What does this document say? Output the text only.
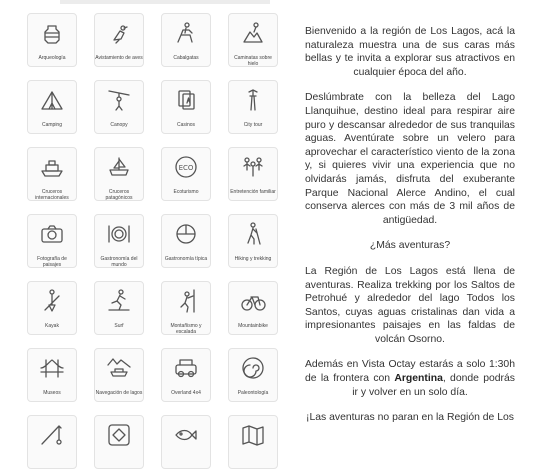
Arqueología	Avistamiento de aves	Cabalgatas	Caminatas sobre hielo
Camping	Canopy	Casinos	City tour
Cruceros internacionales
Cruceros patagónicos
ECO
Ecoturismo	Entretención familiar
Fotografía de paisajes
Gastronomía del mundo
Gastronomía típica	Hiking y trekking
Kayak	Surf	Montañismo y escalada
Mountainbike
Museos	Navegación de lagos	Overland 4x4	Paleontología

Bienvenido a la región de Los Lagos, acá la naturaleza muestra una de sus caras más bellas y te invita a explorar sus atractivos en cualquier época del año.

Deslúmbrate con la belleza del Lago Llanquihue, destino ideal para respirar aire puro y descansar alrededor de sus tranquilas aguas. Aventúrate sobre un velero para aprovechar el característico viento de la zona y, si quieres vivir una experiencia que no olvidarás jamás, disfruta del exuberante Parque Nacional Alerce Andino, el cual conserva alerces con más de 3 mil años de antigüedad.

¿Más aventuras?

La Región de Los Lagos está llena de aventuras. Realiza trekking por los Saltos de Petrohué y alrededor del lago Todos los Santos, cuyas aguas cristalinas dan vida a impresionantes paisajes en las faldas de volcán Osorno.

Además en Vista Octay estarás a solo 1:30h de la frontera con Argentina, donde podrás ir y volver en un solo día.

¡Las aventuras no paran en la Región de Los
